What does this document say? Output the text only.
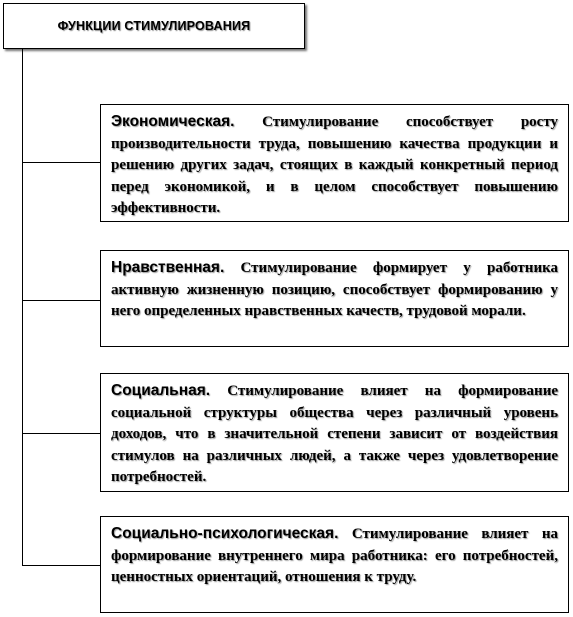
ФУНКЦИИ СТИМУЛИРОВАНИЯ
Экономическая. Стимулирование способствует росту производительности труда, повышению качества продукции и решению других задач, стоящих в каждый конкретный период перед экономикой, и в целом способствует повышению эффективности.
Нравственная. Стимулирование формирует у работника активную жизненную позицию, способствует формированию у него определенных нравственных качеств, трудовой морали.
Социальная. Стимулирование влияет на формирование социальной структуры общества через различный уровень доходов, что в значительной степени зависит от воздействия стимулов на различных людей, а также через удовлетворение потребностей.
Социально-психологическая. Стимулирование влияет на формирование внутреннего мира работника: его потребностей, ценностных ориентаций, отношения к труду.
